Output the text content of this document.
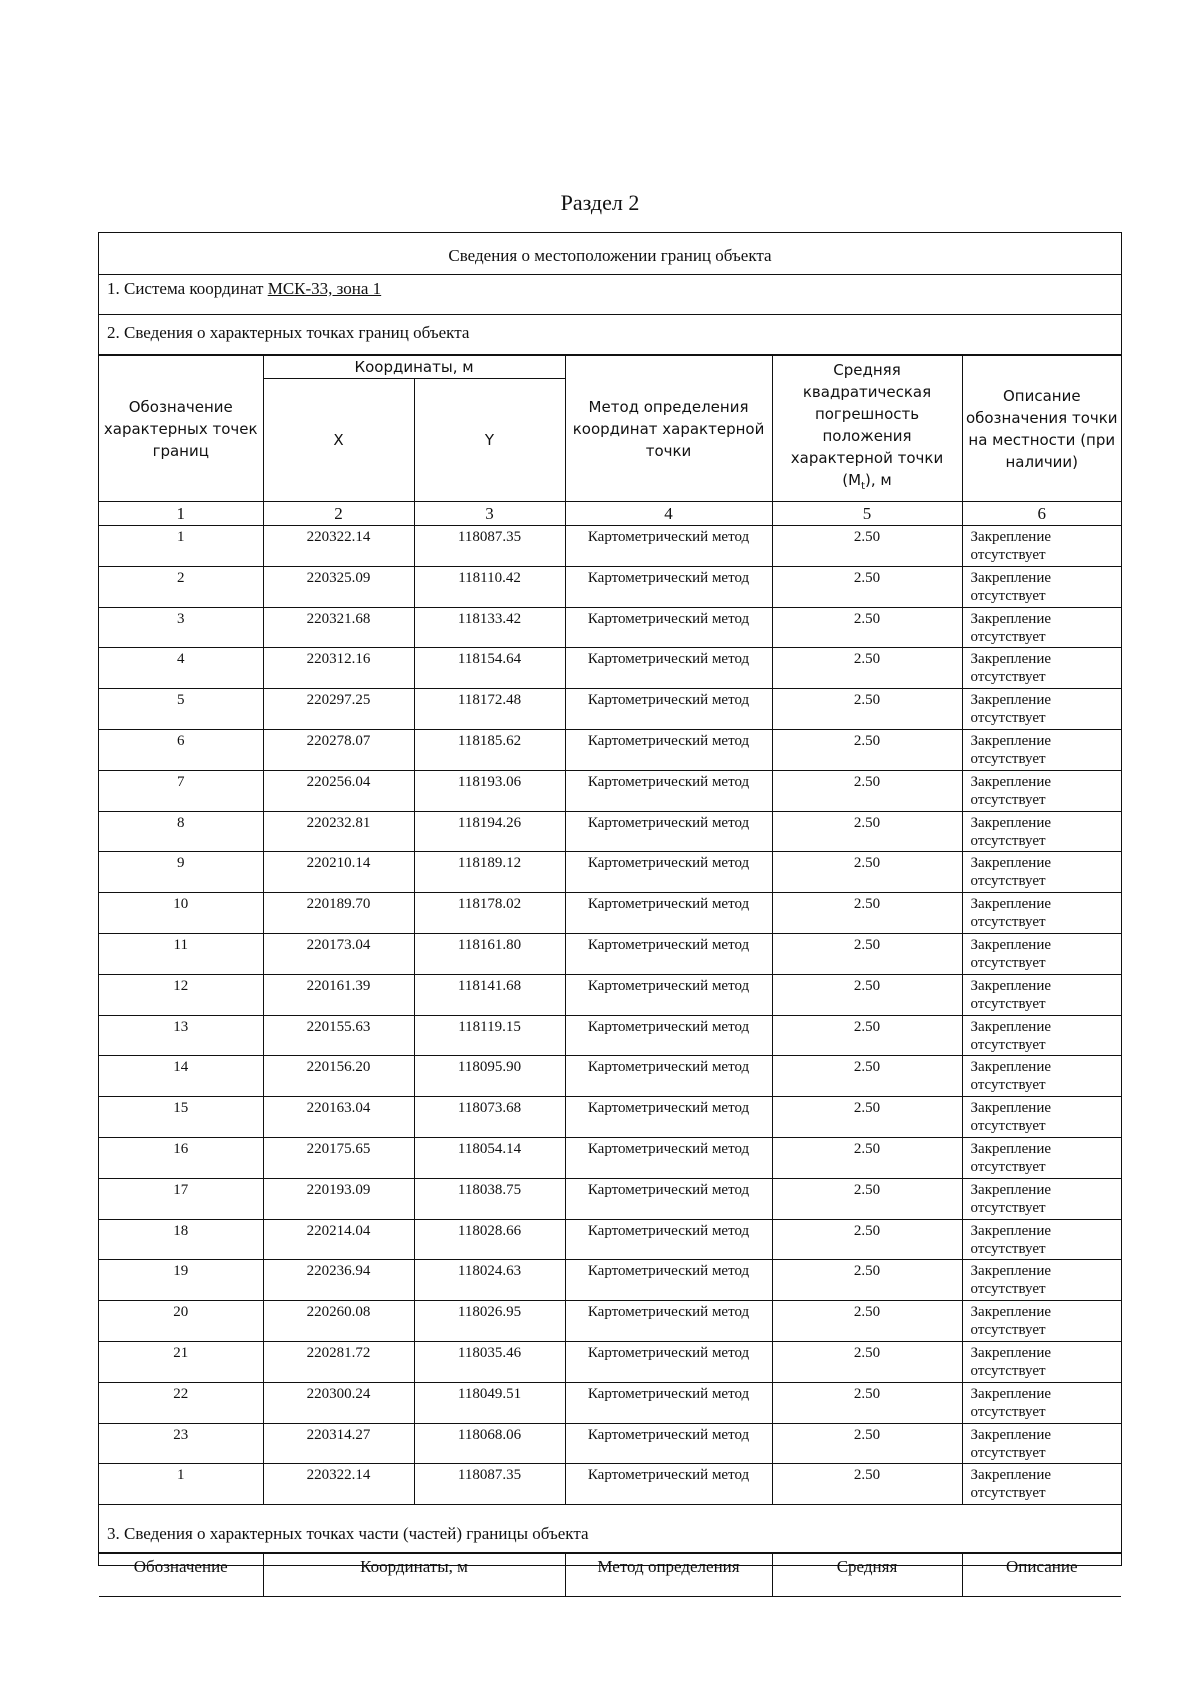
Раздел 2
Сведения о местоположении границ объекта
1. Система координат МСК-33, зона 1
2. Сведения о характерных точках границ объекта
Обозначение характерных точек границ	Координаты, м		Метод определения координат характерной точки	Средняя квадратическая погрешность положения характерной точки $(M_t)$, м	Описание обозначения точки на местности (при наличии)
	X	Y			
1	2	3	4	5	6
1	220322.14	118087.35	Картометрический метод	2.50	Закрепление отсутствует
2	220325.09	118110.42	Картометрический метод	2.50	Закрепление отсутствует
3	220321.68	118133.42	Картометрический метод	2.50	Закрепление отсутствует
4	220312.16	118154.64	Картометрический метод	2.50	Закрепление отсутствует
5	220297.25	118172.48	Картометрический метод	2.50	Закрепление отсутствует
6	220278.07	118185.62	Картометрический метод	2.50	Закрепление отсутствует
7	220256.04	118193.06	Картометрический метод	2.50	Закрепление отсутствует
8	220232.81	118194.26	Картометрический метод	2.50	Закрепление отсутствует
9	220210.14	118189.12	Картометрический метод	2.50	Закрепление отсутствует
10	220189.70	118178.02	Картометрический метод	2.50	Закрепление отсутствует
11	220173.04	118161.80	Картометрический метод	2.50	Закрепление отсутствует
12	220161.39	118141.68	Картометрический метод	2.50	Закрепление отсутствует
13	220155.63	118119.15	Картометрический метод	2.50	Закрепление отсутствует
14	220156.20	118095.90	Картометрический метод	2.50	Закрепление отсутствует
15	220163.04	118073.68	Картометрический метод	2.50	Закрепление отсутствует
16	220175.65	118054.14	Картометрический метод	2.50	Закрепление отсутствует
17	220193.09	118038.75	Картометрический метод	2.50	Закрепление отсутствует
18	220214.04	118028.66	Картометрический метод	2.50	Закрепление отсутствует
19	220236.94	118024.63	Картометрический метод	2.50	Закрепление отсутствует
20	220260.08	118026.95	Картометрический метод	2.50	Закрепление отсутствует
21	220281.72	118035.46	Картометрический метод	2.50	Закрепление отсутствует
22	220300.24	118049.51	Картометрический метод	2.50	Закрепление отсутствует
23	220314.27	118068.06	Картометрический метод	2.50	Закрепление отсутствует
1	220322.14	118087.35	Картометрический метод	2.50	Закрепление отсутствует
3. Сведения о характерных точках части (частей) границы объекта
Обозначение	Координаты, м	Метод определения	Средняя	Описание
